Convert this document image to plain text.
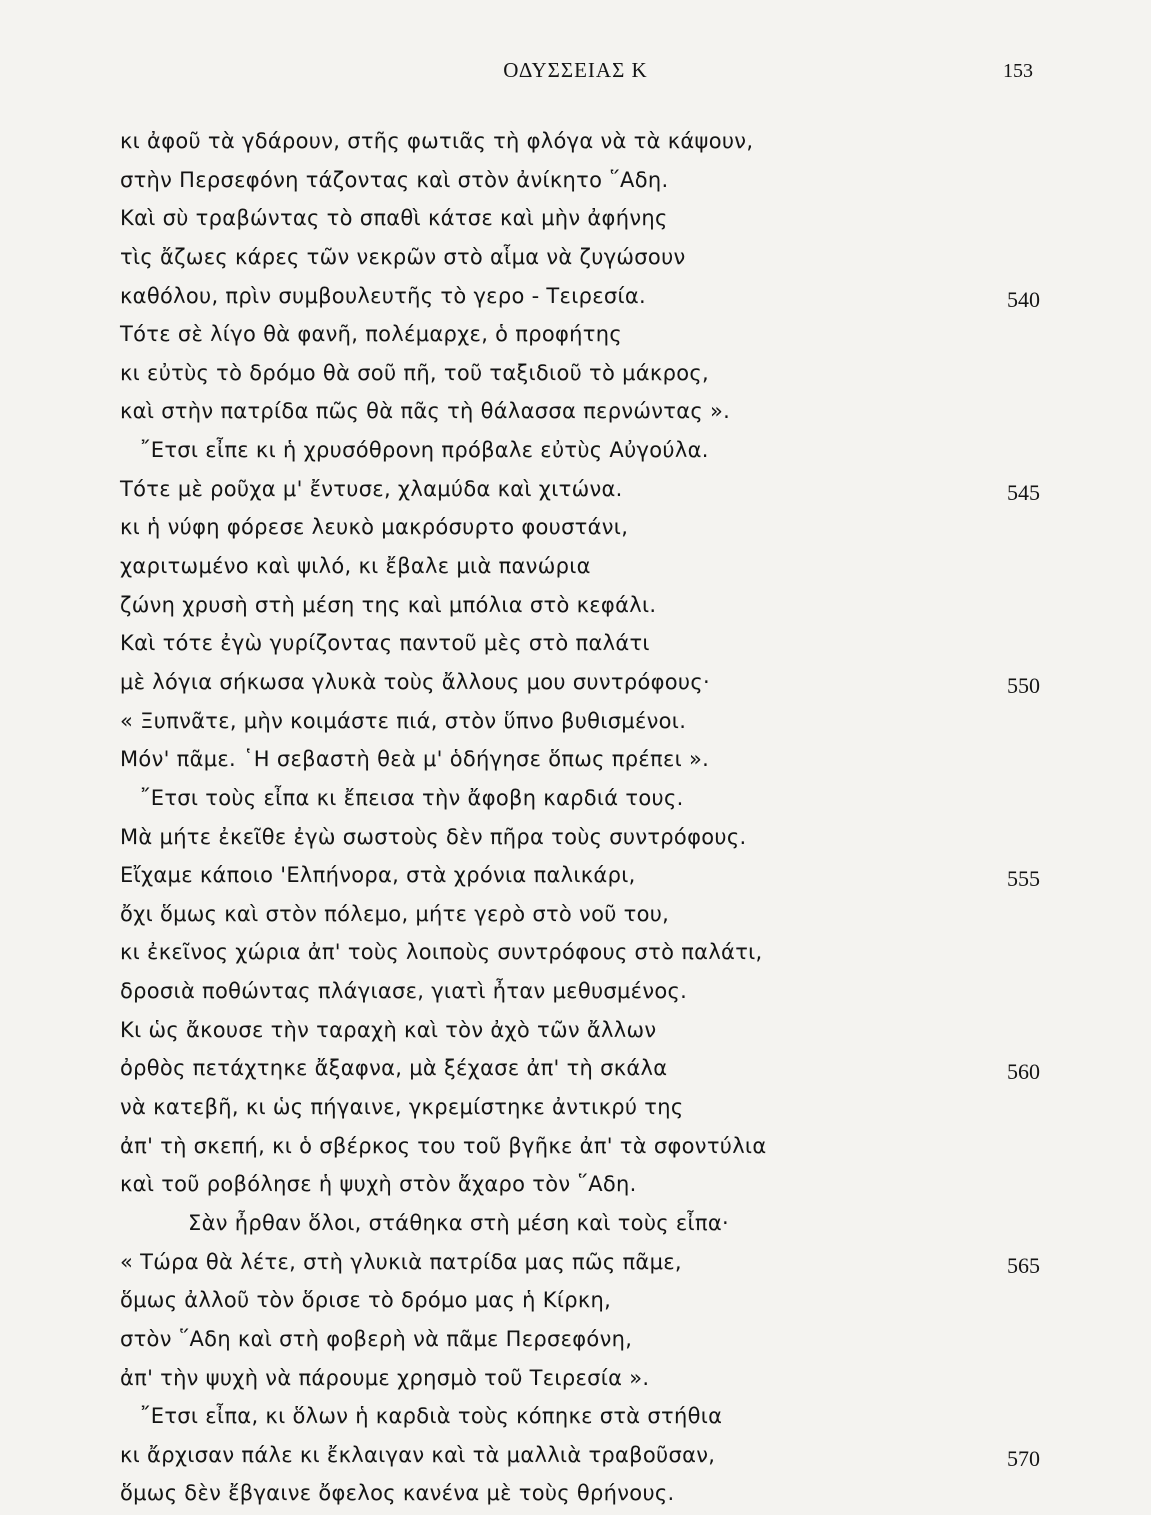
ΟΔΥΣΣΕΙΑΣ Κ	153
κι ἀφοῦ τὰ γδάρουν, στῆς φωτιᾶς τὴ φλόγα νὰ τὰ κάψουν,
στὴν Περσεφόνη τάζοντας καὶ στὸν ἀνίκητο ῞Αδη.
Καὶ σὺ τραβώντας τὸ σπαθὶ κάτσε καὶ μὴν ἀφήνης
τὶς ἄζωες κάρες τῶν νεκρῶν στὸ αἷμα νὰ ζυγώσουν
καθόλου, πρὶν συμβουλευτῆς τὸ γερο - Τειρεσία.	540
Τότε σὲ λίγο θὰ φανῆ, πολέμαρχε, ὁ προφήτης
κι εὐτὺς τὸ δρόμο θὰ σοῦ πῆ, τοῦ ταξιδιοῦ τὸ μάκρος,
καὶ στὴν πατρίδα πῶς θὰ πᾶς τὴ θάλασσα περνώντας ».
῎Ετσι εἶπε κι ἡ χρυσόθρονη πρόβαλε εὐτὺς Αὐγούλα.
Τότε μὲ ροῦχα μ' ἔντυσε, χλαμύδα καὶ χιτώνα.	545
κι ἡ νύφη φόρεσε λευκὸ μακρόσυρτο φουστάνι,
χαριτωμένο καὶ ψιλό, κι ἔβαλε μιὰ πανώρια
ζώνη χρυσὴ στὴ μέση της καὶ μπόλια στὸ κεφάλι.
Καὶ τότε ἐγὼ γυρίζοντας παντοῦ μὲς στὸ παλάτι
μὲ λόγια σήκωσα γλυκὰ τοὺς ἄλλους μου συντρόφους·	550
« Ξυπνᾶτε, μὴν κοιμάστε πιά, στὸν ὕπνο βυθισμένοι.
Μόν' πᾶμε. ῾Η σεβαστὴ θεὰ μ' ὁδήγησε ὅπως πρέπει ».
῎Ετσι τοὺς εἶπα κι ἔπεισα τὴν ἄφοβη καρδιά τους.
Μὰ μήτε ἐκεῖθε ἐγὼ σωστοὺς δὲν πῆρα τοὺς συντρόφους.
Εἴχαμε κάποιο 'Ελπήνορα, στὰ χρόνια παλικάρι,	555
ὄχι ὅμως καὶ στὸν πόλεμο, μήτε γερὸ στὸ νοῦ του,
κι ἐκεῖνος χώρια ἀπ' τοὺς λοιποὺς συντρόφους στὸ παλάτι,
δροσιὰ ποθώντας πλάγιασε, γιατὶ ἦταν μεθυσμένος.
Κι ὡς ἄκουσε τὴν ταραχὴ καὶ τὸν ἀχὸ τῶν ἄλλων
ὀρθὸς πετάχτηκε ἄξαφνα, μὰ ξέχασε ἀπ' τὴ σκάλα	560
νὰ κατεβῆ, κι ὡς πήγαινε, γκρεμίστηκε ἀντικρύ της
ἀπ' τὴ σκεπή, κι ὁ σβέρκος του τοῦ βγῆκε ἀπ' τὰ σφοντύλια
καὶ τοῦ ροβόλησε ἡ ψυχὴ στὸν ἄχαρο τὸν ῞Αδη.
Σὰν ἦρθαν ὅλοι, στάθηκα στὴ μέση καὶ τοὺς εἶπα·
« Τώρα θὰ λέτε, στὴ γλυκιὰ πατρίδα μας πῶς πᾶμε,	565
ὅμως ἀλλοῦ τὸν ὅρισε τὸ δρόμο μας ἡ Κίρκη,
στὸν ῞Αδη καὶ στὴ φοβερὴ νὰ πᾶμε Περσεφόνη,
ἀπ' τὴν ψυχὴ νὰ πάρουμε χρησμὸ τοῦ Τειρεσία ».
῎Ετσι εἶπα, κι ὅλων ἡ καρδιὰ τοὺς κόπηκε στὰ στήθια
κι ἄρχισαν πάλε κι ἔκλαιγαν καὶ τὰ μαλλιὰ τραβοῦσαν,	570
ὅμως δὲν ἔβγαινε ὄφελος κανένα μὲ τοὺς θρήνους.
